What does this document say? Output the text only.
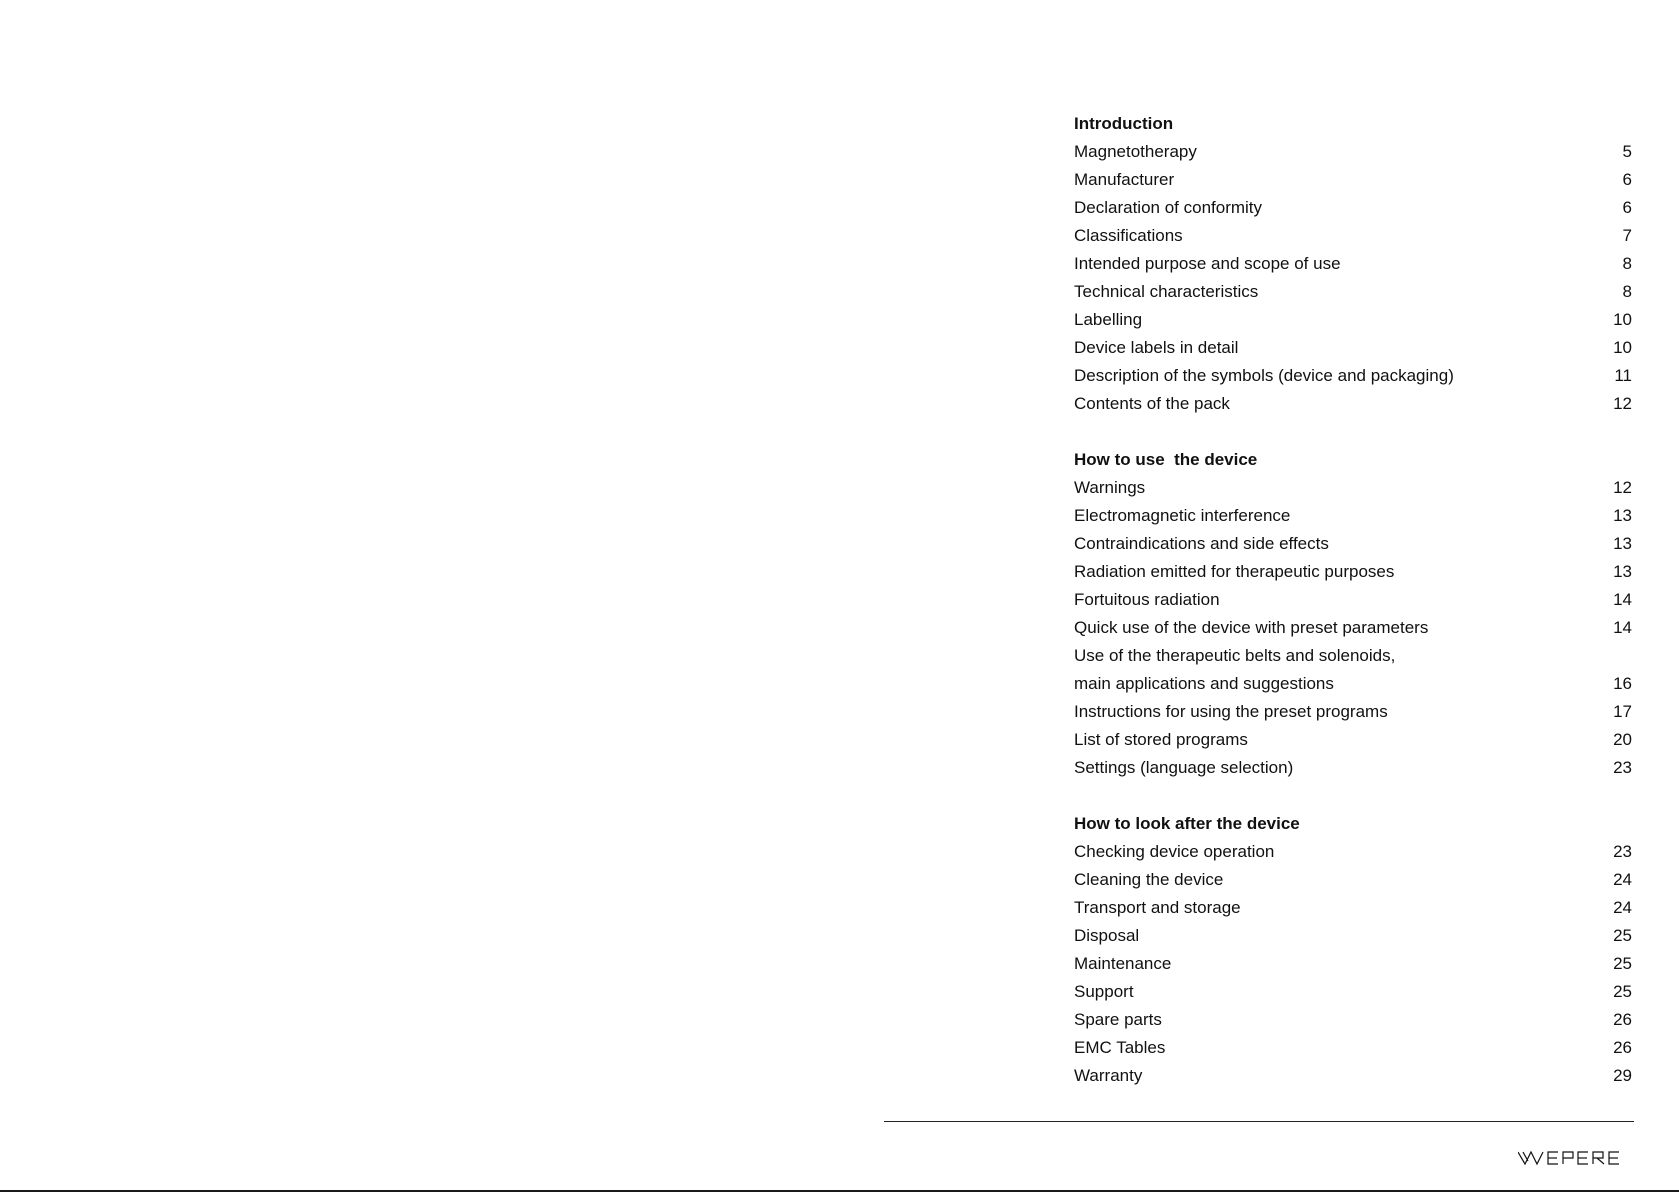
Introduction
Magnetotherapy	5
Manufacturer	6
Declaration of conformity	6
Classifications	7
Intended purpose and scope of use	8
Technical characteristics	8
Labelling	10
Device labels in detail	10
Description of the symbols (device and packaging)	11
Contents of the pack	12
How to use  the device
Warnings	12
Electromagnetic interference	13
Contraindications and side effects	13
Radiation emitted for therapeutic purposes	13
Fortuitous radiation	14
Quick use of the device with preset parameters	14
Use of the therapeutic belts and solenoids,
main applications and suggestions	16
Instructions for using the preset programs	17
List of stored programs	20
Settings (language selection)	23
How to look after the device
Checking device operation	23
Cleaning the device	24
Transport and storage	24
Disposal	25
Maintenance	25
Support	25
Spare parts	26
EMC Tables	26
Warranty	29
